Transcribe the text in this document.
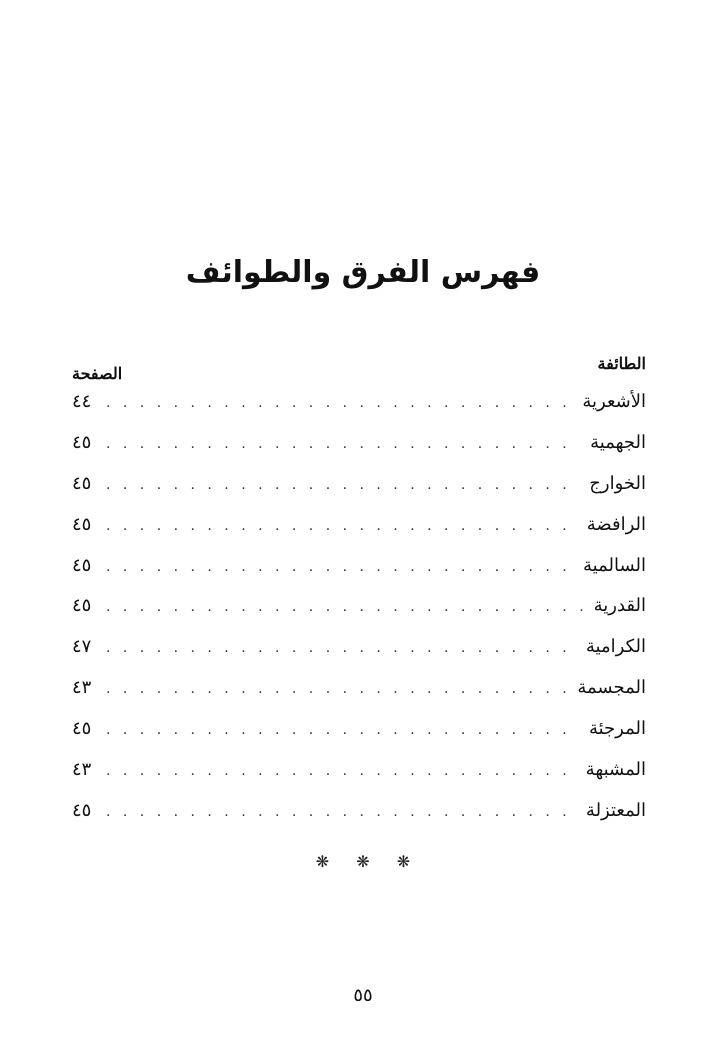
فهرس الفرق والطوائف
الطائفة
الصفحة
الأشعرية
. . .
٤٤
الجهمية
. . .
٤٥
الخوارج
. . .
٤٥
الرافضة
. . .
٤٥
السالمية
. . .
٤٥
القدرية
. . .
٤٥
الكرامية
. . .
٤٧
المجسمة
. . .
٤٣
المرجئة
. . .
٤٥
المشبهة
. . .
٤٣
المعتزلة
. . .
٤٥
❋ ❋ ❋
٥٥
